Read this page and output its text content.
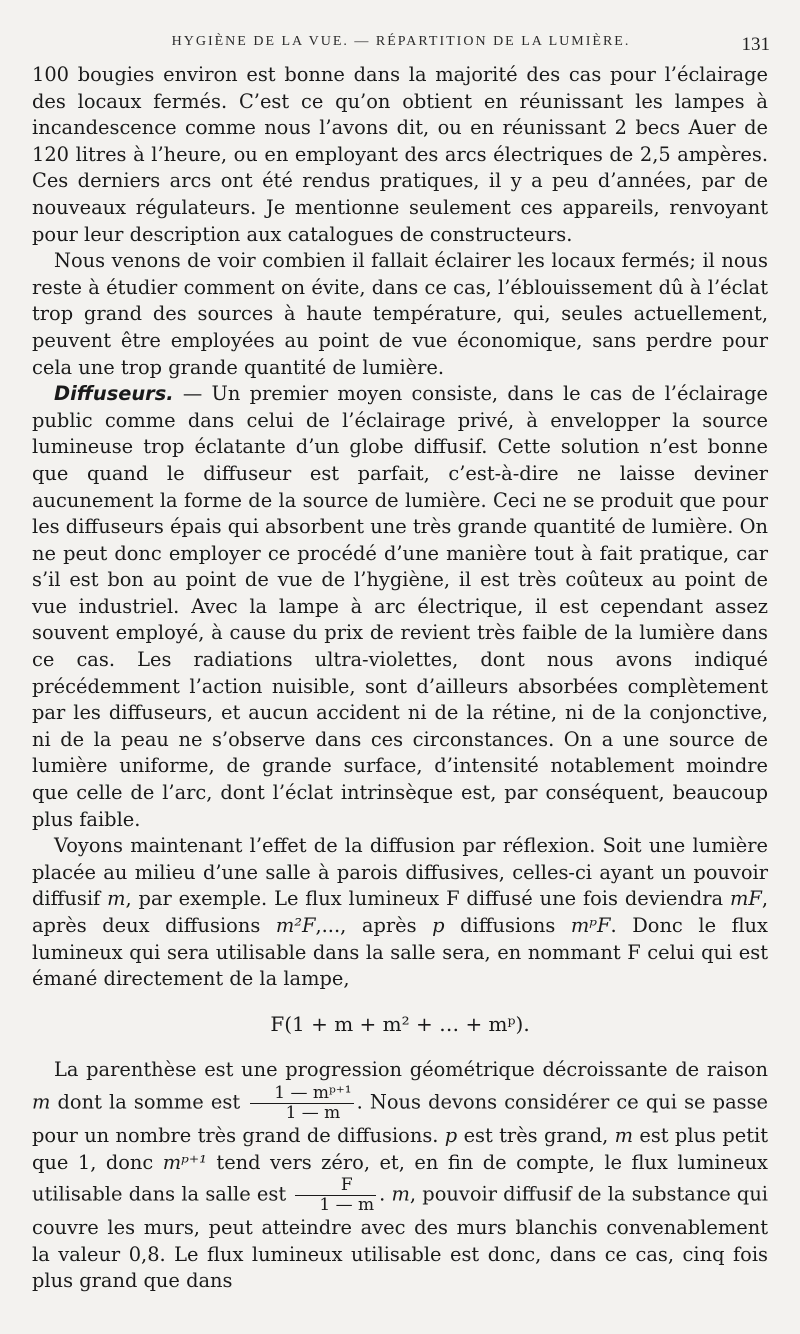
HYGIÈNE DE LA VUE. — RÉPARTITION DE LA LUMIÈRE.	131

100 bougies environ est bonne dans la majorité des cas pour l’éclairage des locaux fermés. C’est ce qu’on obtient en réunissant les lampes à incandescence comme nous l’avons dit, ou en réunissant 2 becs Auer de 120 litres à l’heure, ou en employant des arcs électriques de 2,5 ampères. Ces derniers arcs ont été rendus pratiques, il y a peu d’années, par de nouveaux régulateurs. Je mentionne seulement ces appareils, renvoyant pour leur description aux catalogues de constructeurs.

Nous venons de voir combien il fallait éclairer les locaux fermés; il nous reste à étudier comment on évite, dans ce cas, l’éblouissement dû à l’éclat trop grand des sources à haute température, qui, seules actuellement, peuvent être employées au point de vue économique, sans perdre pour cela une trop grande quantité de lumière.

Diffuseurs. — Un premier moyen consiste, dans le cas de l’éclairage public comme dans celui de l’éclairage privé, à envelopper la source lumineuse trop éclatante d’un globe diffusif. Cette solution n’est bonne que quand le diffuseur est parfait, c’est-à-dire ne laisse deviner aucunement la forme de la source de lumière. Ceci ne se produit que pour les diffuseurs épais qui absorbent une très grande quantité de lumière. On ne peut donc employer ce procédé d’une manière tout à fait pratique, car s’il est bon au point de vue de l’hygiène, il est très coûteux au point de vue industriel. Avec la lampe à arc électrique, il est cependant assez souvent employé, à cause du prix de revient très faible de la lumière dans ce cas. Les radiations ultra-violettes, dont nous avons indiqué précédemment l’action nuisible, sont d’ailleurs absorbées complètement par les diffuseurs, et aucun accident ni de la rétine, ni de la conjonctive, ni de la peau ne s’observe dans ces circonstances. On a une source de lumière uniforme, de grande surface, d’intensité notablement moindre que celle de l’arc, dont l’éclat intrinsèque est, par conséquent, beaucoup plus faible.

Voyons maintenant l’effet de la diffusion par réflexion. Soit une lumière placée au milieu d’une salle à parois diffusives, celles-ci ayant un pouvoir diffusif m, par exemple. Le flux lumineux F diffusé une fois deviendra mF, après deux diffusions m²F,..., après p diffusions mᵖF. Donc le flux lumineux qui sera utilisable dans la salle sera, en nommant F celui qui est émané directement de la lampe,

F(1 + m + m² + … + mᵖ).

La parenthèse est une progression géométrique décroissante de raison m dont la somme est $\frac{\text{1 — mᵖ⁺¹}}{1 — m}$ . Nous devons considérer ce qui se passe pour un nombre très grand de diffusions. p est très grand, m est plus petit que 1, donc mᵖ⁺¹ tend vers zéro, et, en fin de compte, le flux lumineux utilisable dans la salle est $\frac{F}{1 — m}$ . m, pouvoir diffusif de la substance qui couvre les murs, peut atteindre avec des murs blanchis convenablement la valeur 0,8. Le flux lumineux utilisable est donc, dans ce cas, cinq fois plus grand que dans
